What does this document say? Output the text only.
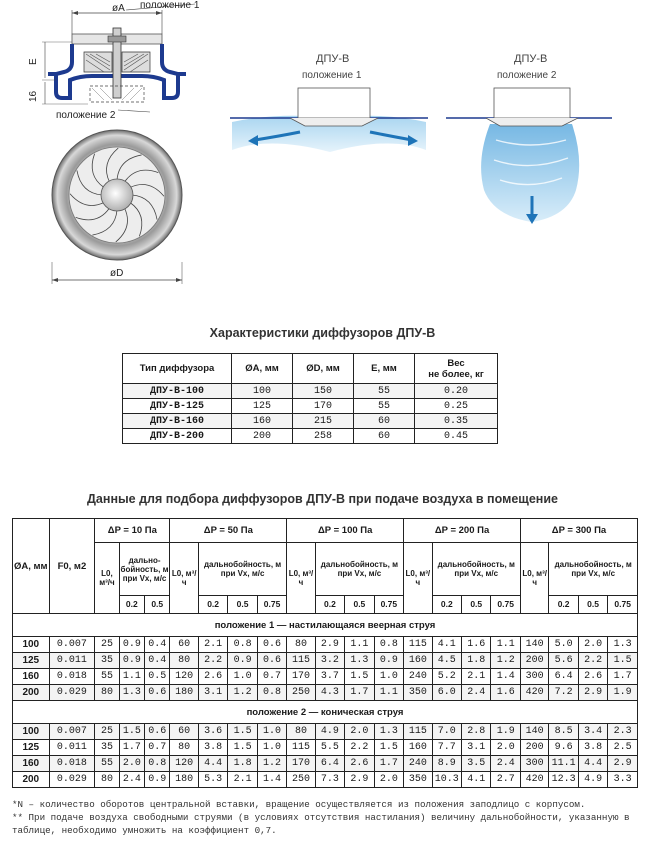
øA
E
16
положение 1
положение 2
øD
ДПУ-В
положение 1
ДПУ-В
положение 2
Характеристики диффузоров ДПУ-В
Тип диффузора	ØА, мм	ØD, мм	Е, мм	Вес
не более, кг

ДПУ-В-100	100	150	55	0.20
ДПУ-В-125	125	170	55	0.25
ДПУ-В-160	160	215	60	0.35
ДПУ-В-200	200	258	60	0.45
Данные для подбора диффузоров ДПУ-В при подаче воздуха в помещение
ØА, мм	F0, м2	ΔP = 10 Па			ΔP = 50 Па				ΔP = 100 Па				ΔP = 200 Па				ΔP = 300 Па			
		L0, м³/ч	дально-бойность, м при Vx, м/с		L0, м³/ч	дальнобойность, м при Vx, м/с			L0, м³/ч	дальнобойность, м при Vx, м/с			L0, м³/ч	дальнобойность, м при Vx, м/с			L0, м³/ч	дальнобойность, м при Vx, м/с		
			0.2	0.5		0.2	0.5	0.75		0.2	0.5	0.75		0.2	0.5	0.75		0.2	0.5	0.75
положение 1 — настилающаяся веерная струя																				
100	0.007	25	0.9	0.4	60	2.1	0.8	0.6	80	2.9	1.1	0.8	115	4.1	1.6	1.1	140	5.0	2.0	1.3
125	0.011	35	0.9	0.4	80	2.2	0.9	0.6	115	3.2	1.3	0.9	160	4.5	1.8	1.2	200	5.6	2.2	1.5
160	0.018	55	1.1	0.5	120	2.6	1.0	0.7	170	3.7	1.5	1.0	240	5.2	2.1	1.4	300	6.4	2.6	1.7
200	0.029	80	1.3	0.6	180	3.1	1.2	0.8	250	4.3	1.7	1.1	350	6.0	2.4	1.6	420	7.2	2.9	1.9
положение 2 — коническая струя																				
100	0.007	25	1.5	0.6	60	3.6	1.5	1.0	80	4.9	2.0	1.3	115	7.0	2.8	1.9	140	8.5	3.4	2.3
125	0.011	35	1.7	0.7	80	3.8	1.5	1.0	115	5.5	2.2	1.5	160	7.7	3.1	2.0	200	9.6	3.8	2.5
160	0.018	55	2.0	0.8	120	4.4	1.8	1.2	170	6.4	2.6	1.7	240	8.9	3.5	2.4	300	11.1	4.4	2.9
200	0.029	80	2.4	0.9	180	5.3	2.1	1.4	250	7.3	2.9	2.0	350	10.3	4.1	2.7	420	12.3	4.9	3.3
*N – количество оборотов центральной вставки, вращение осуществляется из положения заподлицо с корпусом.
** При подаче воздуха свободными струями (в условиях отсутствия настилания) величину дальнобойности, указанную в таблице, необходимо умножить на коэффициент 0,7.
